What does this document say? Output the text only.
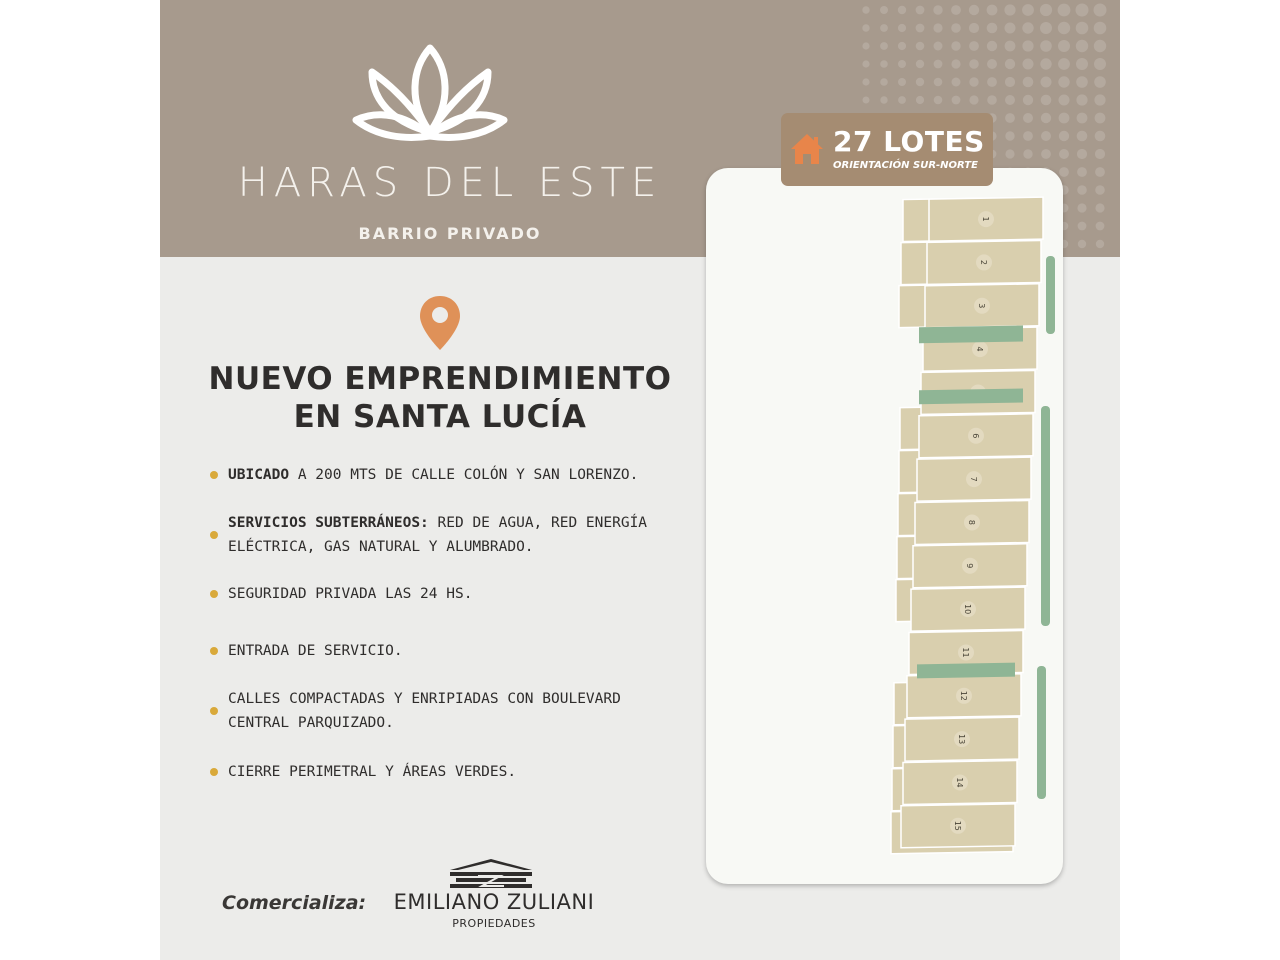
HARAS DEL ESTE
BARRIO PRIVADO
NUEVO EMPRENDIMIENTO
EN SANTA LUCÍA
UBICADO A 200 MTS DE CALLE COLÓN Y SAN LORENZO.
SERVICIOS SUBTERRÁNEOS: RED DE AGUA, RED ENERGÍA ELÉCTRICA, GAS NATURAL Y ALUMBRADO.
SEGURIDAD PRIVADA LAS 24 HS.
ENTRADA DE SERVICIO.
CALLES COMPACTADAS Y ENRIPIADAS CON BOULEVARD CENTRAL PARQUIZADO.
CIERRE PERIMETRAL Y ÁREAS VERDES.
Comercializa:	EMILIANO ZULIANI
PROPIEDADES
1
2
3
4
6
7
8
9
10
11
12
13
14
15
27 LOTES
ORIENTACIÓN SUR-NORTE
